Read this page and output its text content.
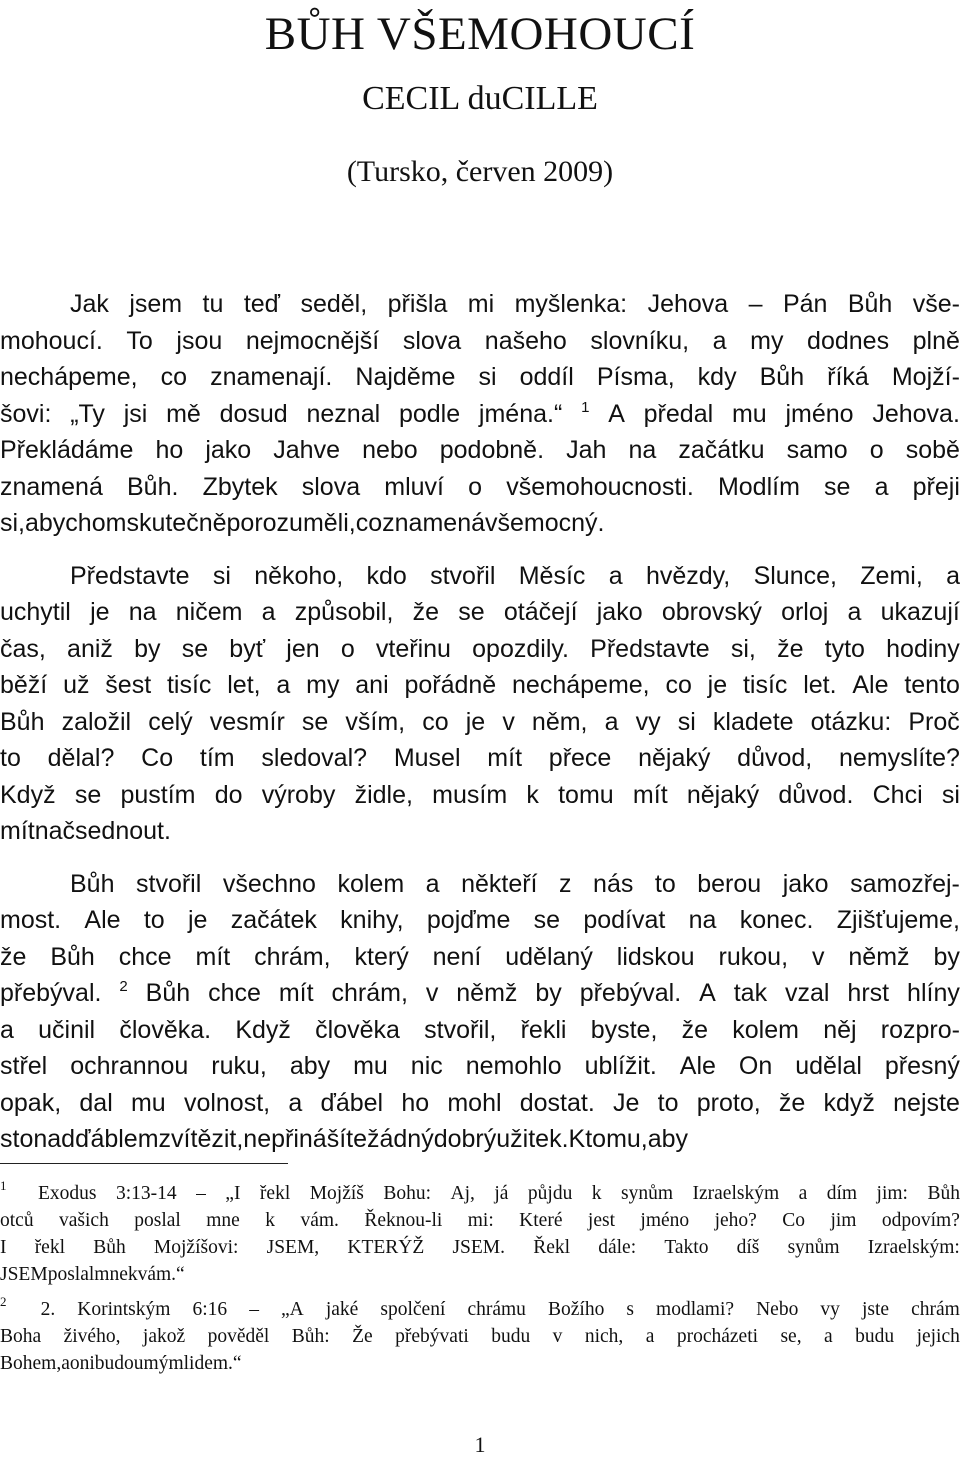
BŮH VŠEMOHOUCÍ
CECIL duCILLE
(Tursko, červen 2009)
Jak jsem tu teď seděl, přišla mi myšlenka: Jehova – Pán Bůh vše-
mohoucí. To jsou nejmocnější slova našeho slovníku, a my dodnes plně
nechápeme, co znamenají. Najděme si oddíl Písma, kdy Bůh říká Mojží-
šovi: „Ty jsi mě dosud neznal podle jména.“ $^1$ A předal mu jméno Jehova.
Překládáme ho jako Jahve nebo podobně. Jah na začátku samo o sobě
znamená Bůh. Zbytek slova mluví o všemohoucnosti. Modlím se a přeji
si, abychom skutečně porozuměli, co znamená všemocný.
Představte si někoho, kdo stvořil Měsíc a hvězdy, Slunce, Zemi, a
uchytil je na ničem a způsobil, že se otáčejí jako obrovský orloj a ukazují
čas, aniž by se byť jen o vteřinu opozdily. Představte si, že tyto hodiny
běží už šest tisíc let, a my ani pořádně nechápeme, co je tisíc let. Ale tento
Bůh založil celý vesmír se vším, co je v něm, a vy si kladete otázku: Proč
to dělal? Co tím sledoval? Musel mít přece nějaký důvod, nemyslíte?
Když se pustím do výroby židle, musím k tomu mít nějaký důvod. Chci si
mít nač sednout.
Bůh stvořil všechno kolem a někteří z nás to berou jako samozřej-
most. Ale to je začátek knihy, pojďme se podívat na konec. Zjišťujeme,
že Bůh chce mít chrám, který není udělaný lidskou rukou, v němž by
přebýval. $^2$ Bůh chce mít chrám, v němž by přebýval. A tak vzal hrst hlíny
a učinil člověka. Když člověka stvořil, řekli byste, že kolem něj rozpro-
střel ochrannou ruku, aby mu nic nemohlo ublížit. Ale On udělal přesný
opak, dal mu volnost, a ďábel ho mohl dostat. Je to proto, že když nejste
sto nad ďáblem zvítězit, nepřinášíte žádný dobrý užitek. K tomu, aby
$^1$ Exodus 3:13-14 – „I řekl Mojžíš Bohu: Aj, já půjdu k synům Izraelským a dím jim: Bůh
otců vašich poslal mne k vám. Řeknou-li mi: Které jest jméno jeho? Co jim odpovím?
I řekl Bůh Mojžíšovi: JSEM, KTERÝŽ JSEM. Řekl dále: Takto díš synům Izraelským:
JSEM poslal mne k vám.“
$^2$ 2. Korintským 6:16 – „A jaké spolčení chrámu Božího s modlami? Nebo vy jste chrám
Boha živého, jakož pověděl Bůh: Že přebývati budu v nich, a procházeti se, a budu jejich
Bohem, a oni budou mým lidem.“
1
